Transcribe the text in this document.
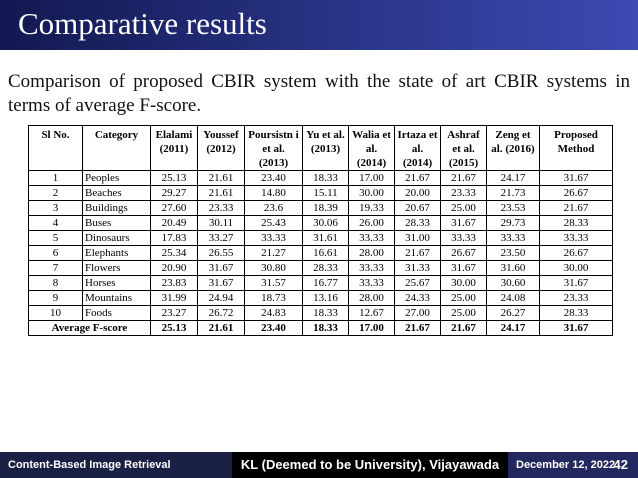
Comparative results
Comparison of proposed CBIR system with the state of art CBIR systems in terms of average F-score.
Sl No.	Category	Elalami (2011)	Youssef (2012)	Poursistn i et al. (2013)	Yu et al. (2013)	Walia et al. (2014)	Irtaza et al. (2014)	Ashraf et al. (2015)	Zeng et al. (2016)	Proposed Method
1	Peoples	25.13	21.61	23.40	18.33	17.00	21.67	21.67	24.17	31.67
2	Beaches	29.27	21.61	14.80	15.11	30.00	20.00	23.33	21.73	26.67
3	Buildings	27.60	23.33	23.6	18.39	19.33	20.67	25.00	23.53	21.67
4	Buses	20.49	30.11	25.43	30.06	26.00	28.33	31.67	29.73	28.33
5	Dinosaurs	17.83	33.27	33.33	31.61	33.33	31.00	33.33	33.33	33.33
6	Elephants	25.34	26.55	21.27	16.61	28.00	21.67	26.67	23.50	26.67
7	Flowers	20.90	31.67	30.80	28.33	33.33	31.33	31.67	31.60	30.00
8	Horses	23.83	31.67	31.57	16.77	33.33	25.67	30.00	30.60	31.67
9	Mountains	31.99	24.94	18.73	13.16	28.00	24.33	25.00	24.08	23.33
10	Foods	23.27	26.72	24.83	18.33	12.67	27.00	25.00	26.27	28.33
Average F-score		25.13	21.61	23.40	18.33	17.00	21.67	21.67	24.17	31.67
Content-Based Image Retrieval	KL (Deemed to be University), Vijayawada	December 12, 2022
42
